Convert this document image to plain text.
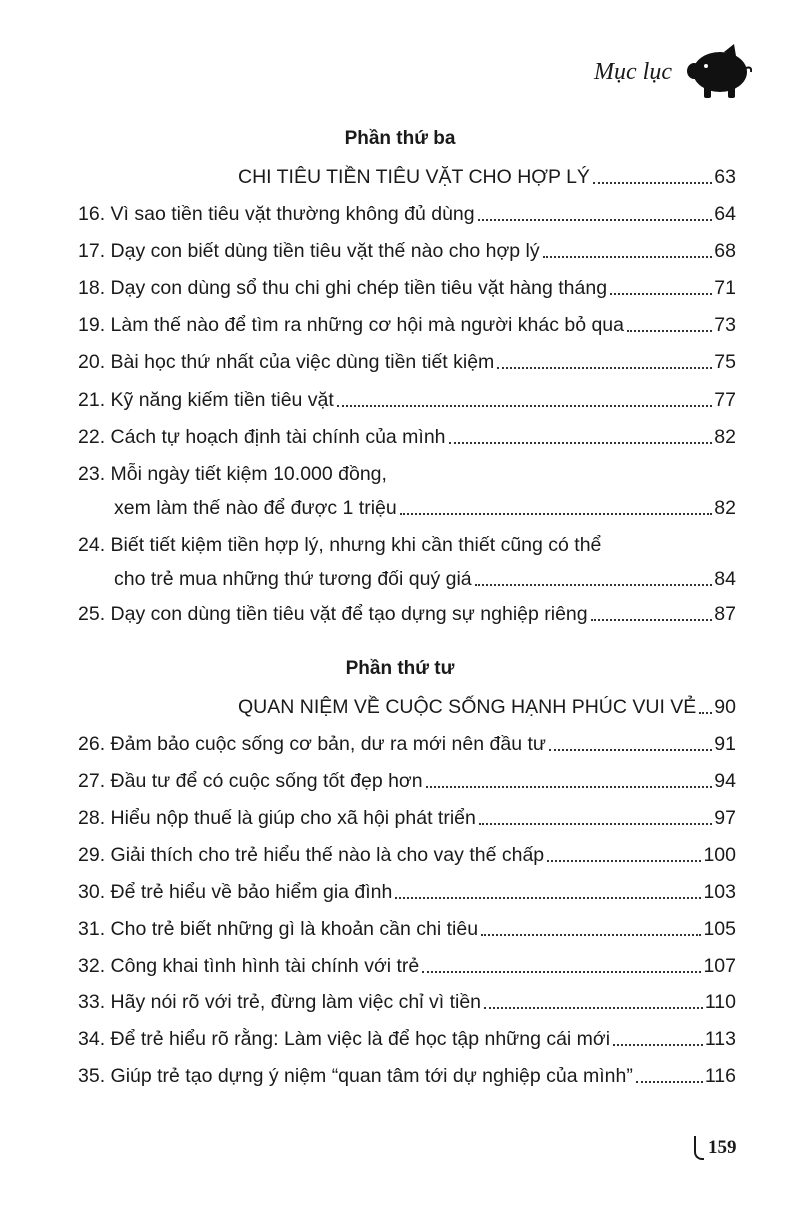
Mục lục
Phần thứ ba
CHI TIÊU TIỀN TIÊU VẶT CHO HỢP LÝ	63
16. Vì sao tiền tiêu vặt thường không đủ dùng	64
17. Dạy con biết dùng tiền tiêu vặt thế nào cho hợp lý	68
18. Dạy con dùng sổ thu chi ghi chép tiền tiêu vặt hàng tháng	71
19. Làm thế nào để tìm ra những cơ hội mà người khác bỏ qua	73
20. Bài học thứ nhất của việc dùng tiền tiết kiệm	75
21. Kỹ năng kiếm tiền tiêu vặt	77
22. Cách tự hoạch định tài chính của mình	82
23. Mỗi ngày tiết kiệm 10.000 đồng,
xem làm thế nào để được 1 triệu	82
24. Biết tiết kiệm tiền hợp lý, nhưng khi cần thiết cũng có thể
cho trẻ mua những thứ tương đối quý giá	84
25. Dạy con dùng tiền tiêu vặt để tạo dựng sự nghiệp riêng	87
Phần thứ tư
QUAN NIỆM VỀ CUỘC SỐNG HẠNH PHÚC VUI VẺ 90
26. Đảm bảo cuộc sống cơ bản, dư ra mới nên đầu tư	91
27. Đầu tư để có cuộc sống tốt đẹp hơn	94
28. Hiểu nộp thuế là giúp cho xã hội phát triển	97
29. Giải thích cho trẻ hiểu thế nào là cho vay thế chấp	100
30. Để trẻ hiểu về bảo hiểm gia đình	103
31. Cho trẻ biết những gì là khoản cần chi tiêu	105
32. Công khai tình hình tài chính với trẻ	107
33. Hãy nói rõ với trẻ, đừng làm việc chỉ vì tiền	110
34. Để trẻ hiểu rõ rằng: Làm việc là để học tập những cái mới	113
35. Giúp trẻ tạo dựng ý niệm “quan tâm tới dự nghiệp của mình”	116
159
